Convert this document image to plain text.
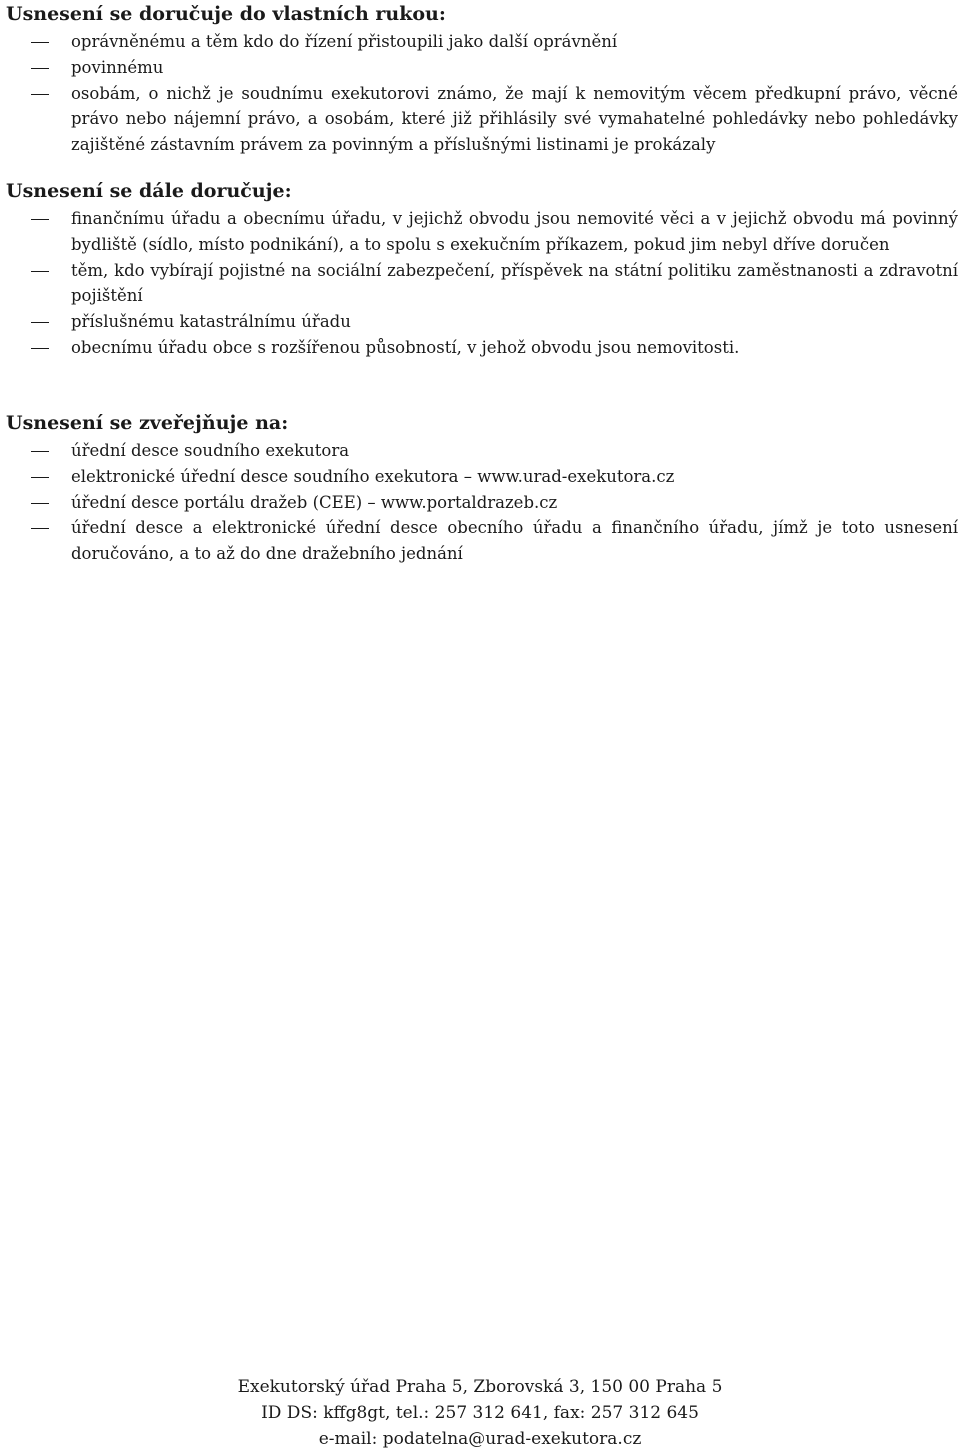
Usnesení se doručuje do vlastních rukou:
oprávněnému a těm kdo do řízení přistoupili jako další oprávnění
povinnému
osobám, o nichž je soudnímu exekutorovi známo, že mají k nemovitým věcem předkupní právo, věcné právo nebo nájemní právo, a osobám, které již přihlásily své vymahatelné pohledávky nebo pohledávky zajištěné zástavním právem za povinným a příslušnými listinami je prokázaly
Usnesení se dále doručuje:
finančnímu úřadu a obecnímu úřadu, v jejichž obvodu jsou nemovité věci a v jejichž obvodu má povinný bydliště (sídlo, místo podnikání), a to spolu s exekučním příkazem, pokud jim nebyl dříve doručen
těm, kdo vybírají pojistné na sociální zabezpečení, příspěvek na státní politiku zaměstnanosti a zdravotní pojištění
příslušnému katastrálnímu úřadu
obecnímu úřadu obce s rozšířenou působností, v jehož obvodu jsou nemovitosti.
Usnesení se zveřejňuje na:
úřední desce soudního exekutora
elektronické úřední desce soudního exekutora – www.urad-exekutora.cz
úřední desce portálu dražeb (CEE) – www.portaldrazeb.cz
úřední desce a elektronické úřední desce obecního úřadu a finančního úřadu, jímž je toto usnesení doručováno, a to až do dne dražebního jednání
Exekutorský úřad Praha 5, Zborovská 3, 150 00 Praha 5
ID DS: kffg8gt, tel.: 257 312 641, fax: 257 312 645
e-mail: podatelna@urad-exekutora.cz
